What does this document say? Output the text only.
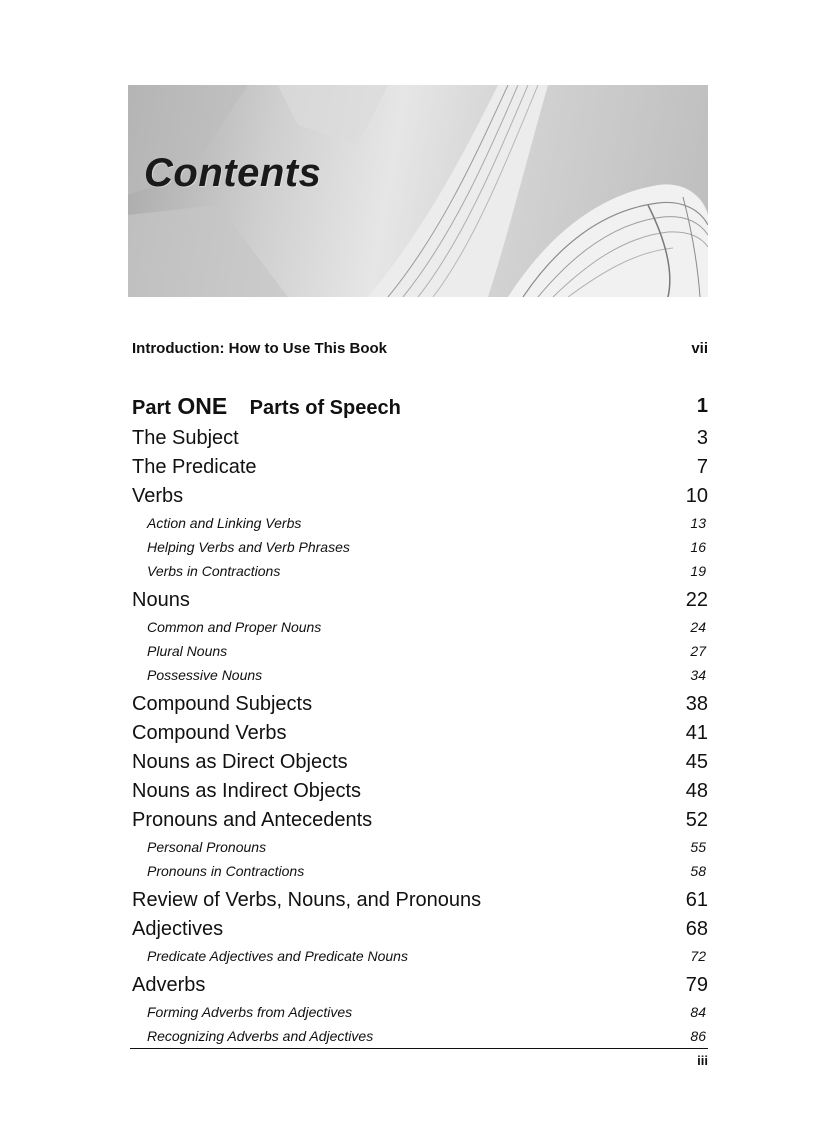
Contents
Introduction: How to Use This Book	vii
Part ONE Parts of Speech	1
The Subject	3
The Predicate	7
Verbs	10
Action and Linking Verbs	13
Helping Verbs and Verb Phrases	16
Verbs in Contractions	19
Nouns	22
Common and Proper Nouns	24
Plural Nouns	27
Possessive Nouns	34
Compound Subjects	38
Compound Verbs	41
Nouns as Direct Objects	45
Nouns as Indirect Objects	48
Pronouns and Antecedents	52
Personal Pronouns	55
Pronouns in Contractions	58
Review of Verbs, Nouns, and Pronouns	61
Adjectives	68
Predicate Adjectives and Predicate Nouns	72
Adverbs	79
Forming Adverbs from Adjectives	84
Recognizing Adverbs and Adjectives	86
iii
